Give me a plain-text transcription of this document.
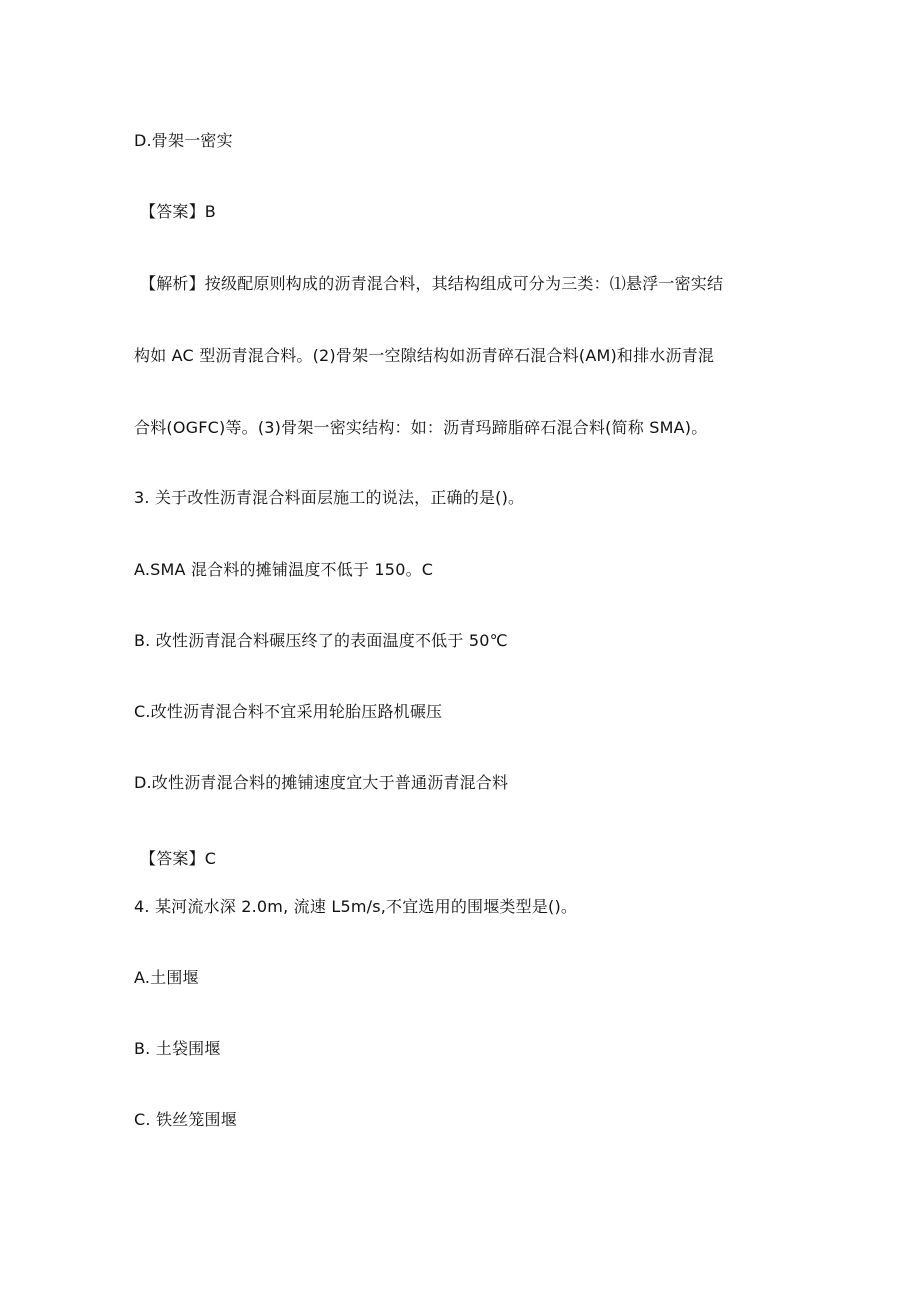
D.骨架一密实
【答案】B
【解析】按级配原则构成的沥青混合料，其结构组成可分为三类：⑴悬浮一密实结
构如 AC 型沥青混合料。(2)骨架一空隙结构如沥青碎石混合料(AM)和排水沥青混
合料(OGFC)等。(3)骨架一密实结构：如：沥青玛蹄脂碎石混合料(简称 SMA)。
3. 关于改性沥青混合料面层施工的说法，正确的是()。
A.SMA 混合料的摊铺温度不低于 150。C
B. 改性沥青混合料碾压终了的表面温度不低于 50℃
C.改性沥青混合料不宜采用轮胎压路机碾压
D.改性沥青混合料的摊铺速度宜大于普通沥青混合料
【答案】C
4. 某河流水深 2.0m, 流速 L5m∕s,不宜选用的围堰类型是()。
A.土围堰
B. 土袋围堰
C. 铁丝笼围堰
